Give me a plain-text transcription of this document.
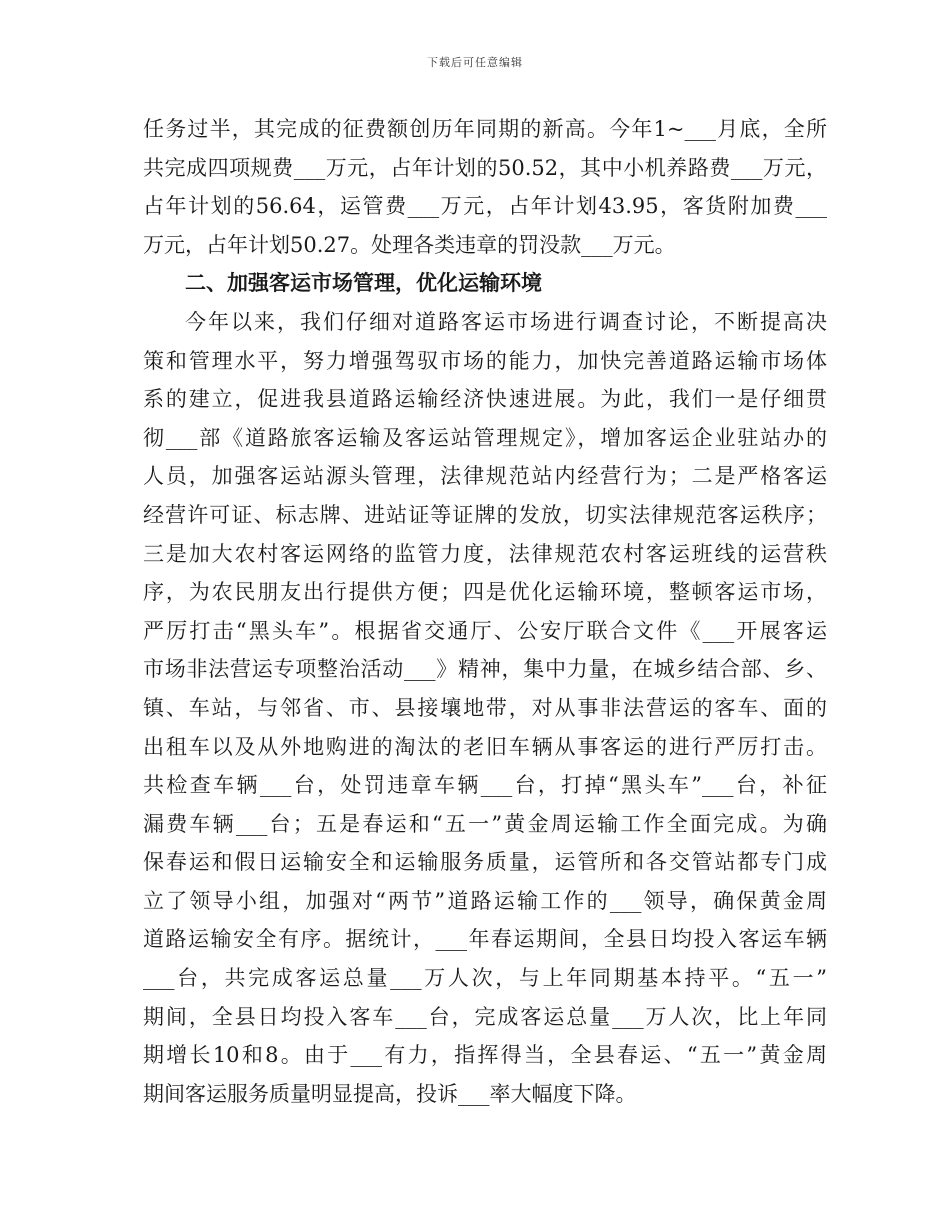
下载后可任意编辑
任务过半，其完成的征费额创历年同期的新高。今年1~___月底，全所
共完成四项规费___万元，占年计划的50.52，其中小机养路费___万元，
占年计划的56.64，运管费___万元，占年计划43.95，客货附加费___
万元，占年计划50.27。处理各类违章的罚没款___万元。
二、加强客运市场管理，优化运输环境
今年以来，我们仔细对道路客运市场进行调查讨论，不断提高决
策和管理水平，努力增强驾驭市场的能力，加快完善道路运输市场体
系的建立，促进我县道路运输经济快速进展。为此，我们一是仔细贯
彻___部《道路旅客运输及客运站管理规定》，增加客运企业驻站办的
人员，加强客运站源头管理，法律规范站内经营行为；二是严格客运
经营许可证、标志牌、进站证等证牌的发放，切实法律规范客运秩序；
三是加大农村客运网络的监管力度，法律规范农村客运班线的运营秩
序，为农民朋友出行提供方便；四是优化运输环境，整顿客运市场，
严厉打击“黑头车”。根据省交通厅、公安厅联合文件《___开展客运
市场非法营运专项整治活动___》精神，集中力量，在城乡结合部、乡、
镇、车站，与邻省、市、县接壤地带，对从事非法营运的客车、面的
出租车以及从外地购进的淘汰的老旧车辆从事客运的进行严厉打击。
共检查车辆___台，处罚违章车辆___台，打掉“黑头车”___台，补征
漏费车辆___台；五是春运和“五一”黄金周运输工作全面完成。为确
保春运和假日运输安全和运输服务质量，运管所和各交管站都专门成
立了领导小组，加强对“两节”道路运输工作的___领导，确保黄金周
道路运输安全有序。据统计，___年春运期间，全县日均投入客运车辆
___台，共完成客运总量___万人次，与上年同期基本持平。“五一”
期间，全县日均投入客车___台，完成客运总量___万人次，比上年同
期增长10和8。由于___有力，指挥得当，全县春运、“五一”黄金周
期间客运服务质量明显提高，投诉___率大幅度下降。
